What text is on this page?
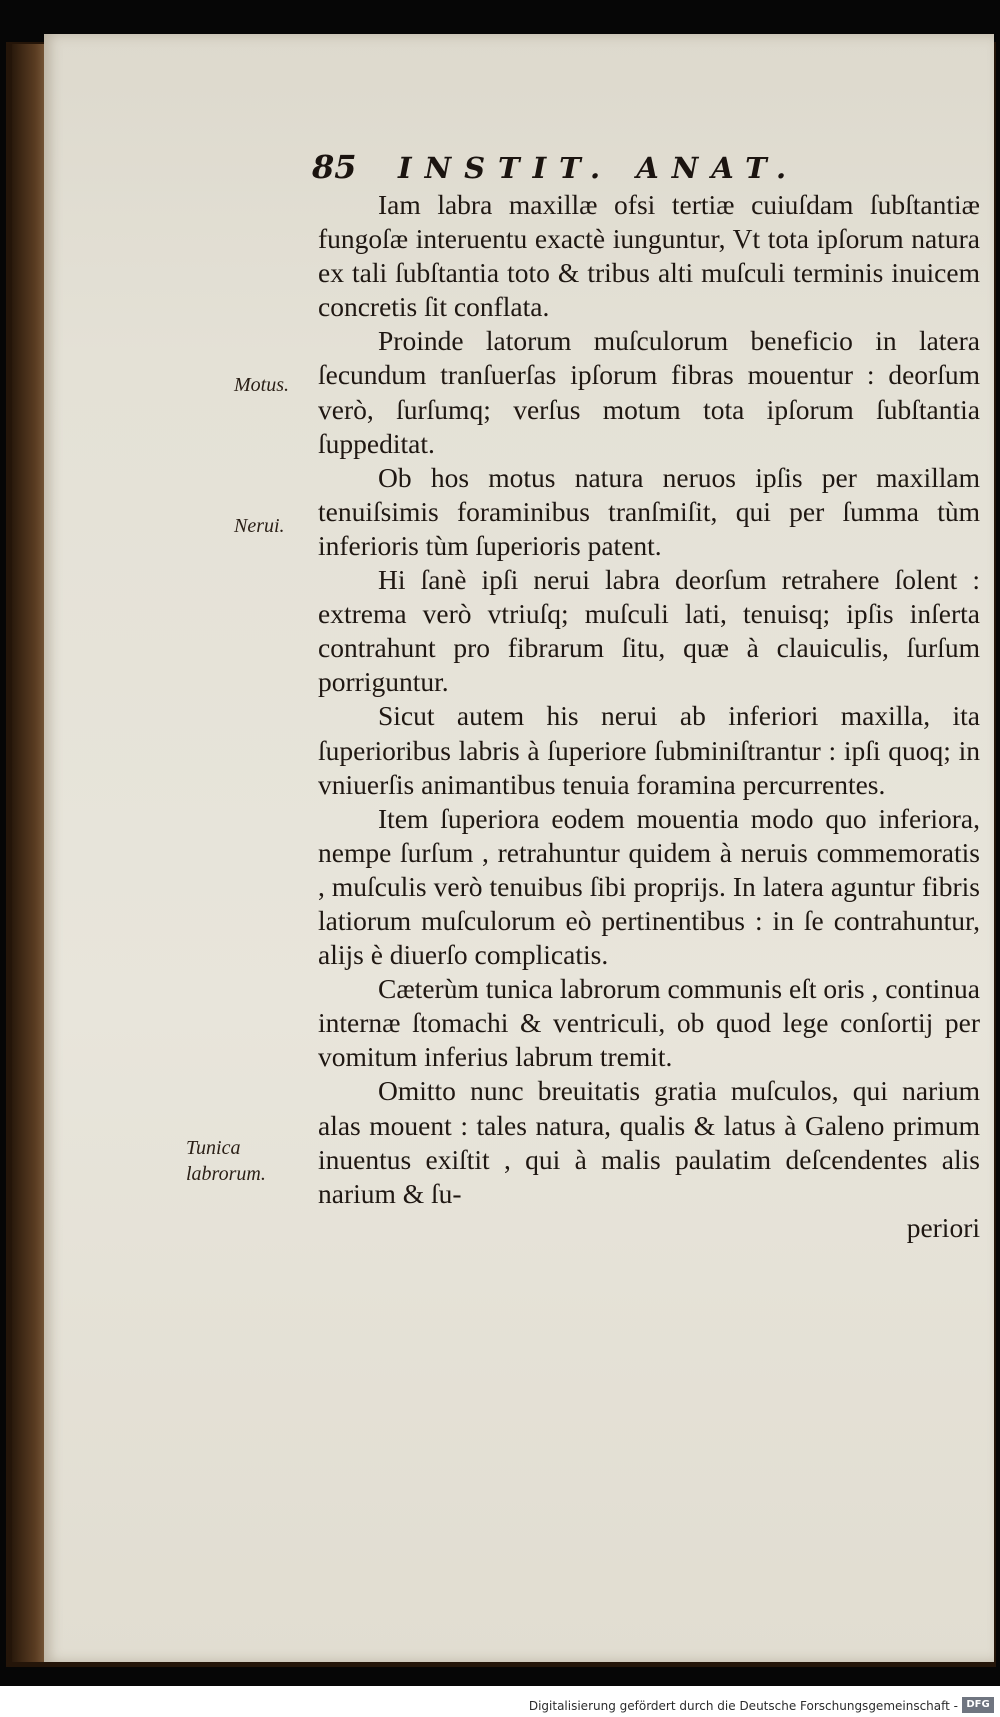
85	INSTIT. ANAT.
Motus.
Nerui.
Tunica labrorum.

Iam labra maxillæ ofsi tertiæ cuiuſdam ſubſtantiæ fungoſæ interuentu exactè iunguntur, Vt tota ipſorum natura ex tali ſubſtantia toto & tribus alti muſculi terminis inuicem concretis ſit conflata.

Proinde latorum muſculorum beneficio in latera ſecundum tranſuerſas ipſorum fibras mouentur : deorſum verò, ſurſumq; verſus motum tota ipſorum ſubſtantia ſuppeditat.

Ob hos motus natura neruos ipſis per maxillam tenuiſsimis foraminibus tranſmiſit, qui per ſumma tùm inferioris tùm ſuperioris patent.

Hi ſanè ipſi nerui labra deorſum retrahere ſolent : extrema verò vtriuſq; muſculi lati, tenuisq; ipſis inſerta contrahunt pro fibrarum ſitu, quæ à clauiculis, ſurſum porriguntur.

Sicut autem his nerui ab inferiori maxilla, ita ſuperioribus labris à ſuperiore ſubminiſtrantur : ipſi quoq; in vniuerſis animantibus tenuia foramina percurrentes.

Item ſuperiora eodem mouentia modo quo inferiora, nempe ſurſum , retrahuntur quidem à neruis commemoratis , muſculis verò tenuibus ſibi proprijs. In latera aguntur fibris latiorum muſculorum eò pertinentibus : in ſe contrahuntur, alijs è diuerſo complicatis.

Cæterùm tunica labrorum communis eſt oris , continua internæ ſtomachi & ventriculi, ob quod lege conſortij per vomitum inferius labrum tremit.

Omitto nunc breuitatis gratia muſculos, qui narium alas mouent : tales natura, qualis & latus à Galeno primum inuentus exiſtit , qui à malis paulatim deſcendentes alis narium & ſu-

periori

Digitalisierung gefördert durch die Deutsche Forschungsgemeinschaft - DFG
